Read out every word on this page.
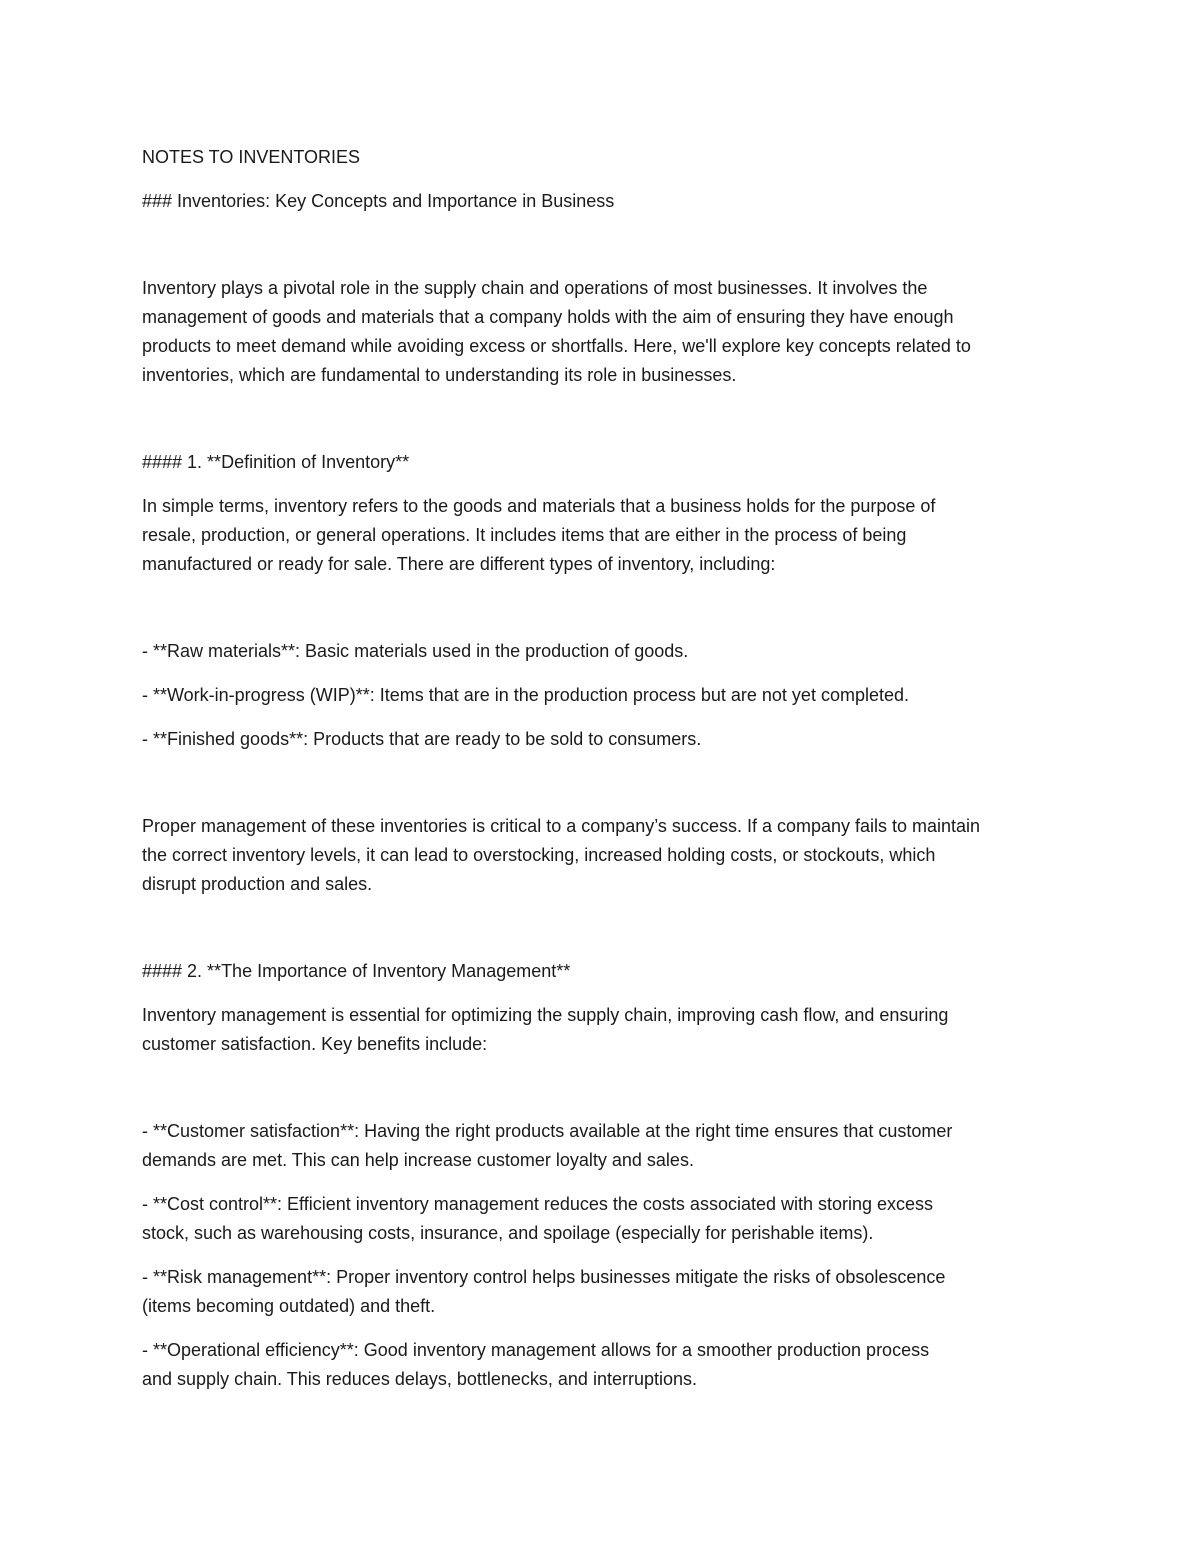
NOTES TO INVENTORIES

### Inventories: Key Concepts and Importance in Business

Inventory plays a pivotal role in the supply chain and operations of most businesses. It involves the
management of goods and materials that a company holds with the aim of ensuring they have enough
products to meet demand while avoiding excess or shortfalls. Here, we'll explore key concepts related to
inventories, which are fundamental to understanding its role in businesses.

#### 1. **Definition of Inventory**

In simple terms, inventory refers to the goods and materials that a business holds for the purpose of
resale, production, or general operations. It includes items that are either in the process of being
manufactured or ready for sale. There are different types of inventory, including:

- **Raw materials**: Basic materials used in the production of goods.

- **Work-in-progress (WIP)**: Items that are in the production process but are not yet completed.

- **Finished goods**: Products that are ready to be sold to consumers.

Proper management of these inventories is critical to a company’s success. If a company fails to maintain
the correct inventory levels, it can lead to overstocking, increased holding costs, or stockouts, which
disrupt production and sales.

#### 2. **The Importance of Inventory Management**

Inventory management is essential for optimizing the supply chain, improving cash flow, and ensuring
customer satisfaction. Key benefits include:

- **Customer satisfaction**: Having the right products available at the right time ensures that customer
demands are met. This can help increase customer loyalty and sales.

- **Cost control**: Efficient inventory management reduces the costs associated with storing excess
stock, such as warehousing costs, insurance, and spoilage (especially for perishable items).

- **Risk management**: Proper inventory control helps businesses mitigate the risks of obsolescence
(items becoming outdated) and theft.

- **Operational efficiency**: Good inventory management allows for a smoother production process
and supply chain. This reduces delays, bottlenecks, and interruptions.
